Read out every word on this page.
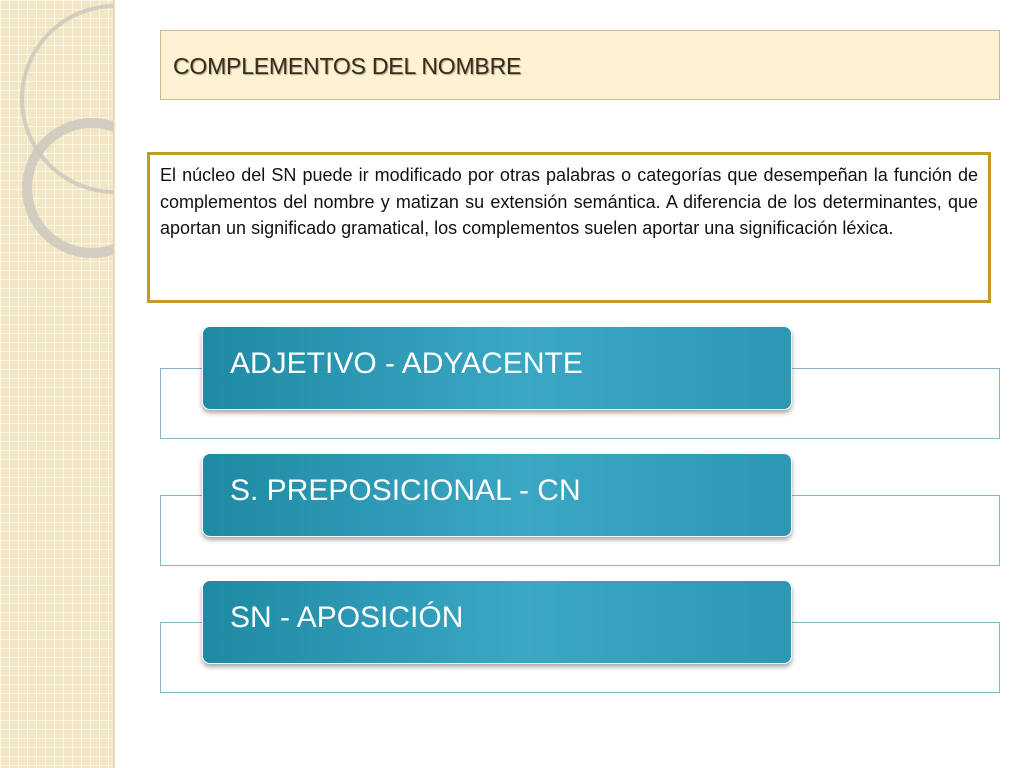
COMPLEMENTOS DEL NOMBRE

El núcleo del SN puede ir modificado por otras palabras o categorías que desempeñan la función de complementos del nombre y matizan su extensión semántica. A diferencia de los determinantes, que aportan un significado gramatical, los complementos suelen aportar una significación léxica.

ADJETIVO - ADYACENTE

S. PREPOSICIONAL - CN

SN - APOSICIÓN
